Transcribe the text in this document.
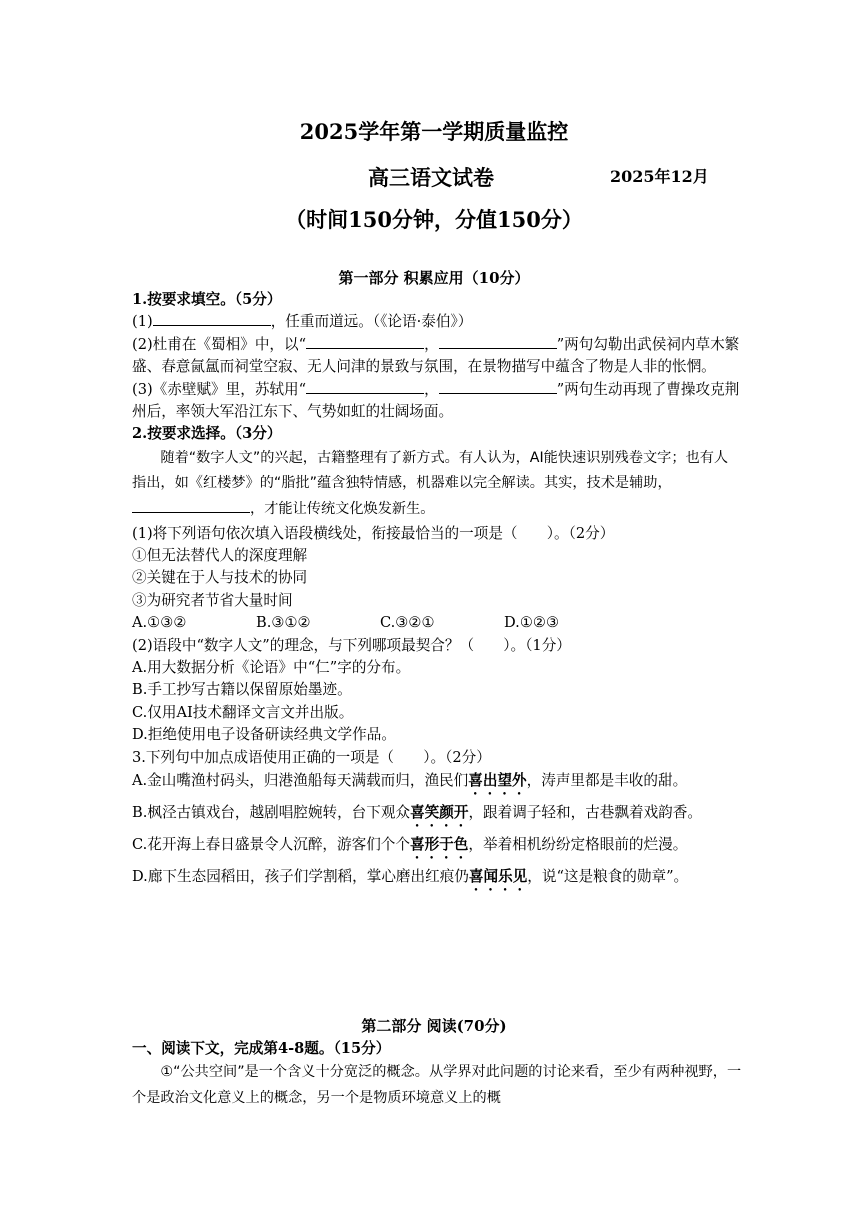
2025学年第一学期质量监控
高三语文试卷	2025年12月
（时间150分钟，分值150分）
第一部分 积累应用（10分）

1.按要求填空。（5分）

(1)	，任重而道远。（《论语·泰伯》）

(2)杜甫在《蜀相》中，以“	，	”两句勾勒出武侯祠内草木繁盛、春意氤氲而祠堂空寂、无人问津的景致与氛围，在景物描写中蕴含了物是人非的怅惘。

(3)《赤壁赋》里，苏轼用“	，	”两句生动再现了曹操攻克荆州后，率领大军沿江东下、气势如虹的壮阔场面。

2.按要求选择。（3分）

随着“数字人文”的兴起，古籍整理有了新方式。有人认为，AI能快速识别残卷文字；也有人指出，如《红楼梦》的“脂批”蕴含独特情感，机器难以完全解读。其实，技术是辅助，，才能让传统文化焕发新生。

(1)将下列语句依次填入语段横线处，衔接最恰当的一项是（　　）。（2分）

①但无法替代人的深度理解

②关键在于人与技术的协同

③为研究者节省大量时间

A.①③②	B.③①②	C.③②①	D.①②③

(2)语段中“数字人文”的理念，与下列哪项最契合？（　　）。（1分）

A.用大数据分析《论语》中“仁”字的分布。

B.手工抄写古籍以保留原始墨迹。

C.仅用AI技术翻译文言文并出版。

D.拒绝使用电子设备研读经典文学作品。

3.下列句中加点成语使用正确的一项是（　　）。（2分）

A.金山嘴渔村码头，归港渔船每天满载而归，渔民们喜出望外，涛声里都是丰收的甜。

B.枫泾古镇戏台，越剧唱腔婉转，台下观众喜笑颜开，跟着调子轻和，古巷飘着戏韵香。

C.花开海上春日盛景令人沉醉，游客们个个喜形于色，举着相机纷纷定格眼前的烂漫。

D.廊下生态园稻田，孩子们学割稻，掌心磨出红痕仍喜闻乐见，说“这是粮食的勋章”。

第二部分 阅读(70分)

一、阅读下文，完成第4-8题。（15分）

①“公共空间”是一个含义十分宽泛的概念。从学界对此问题的讨论来看，至少有两种视野，一个是政治文化意义上的概念，另一个是物质环境意义上的概
